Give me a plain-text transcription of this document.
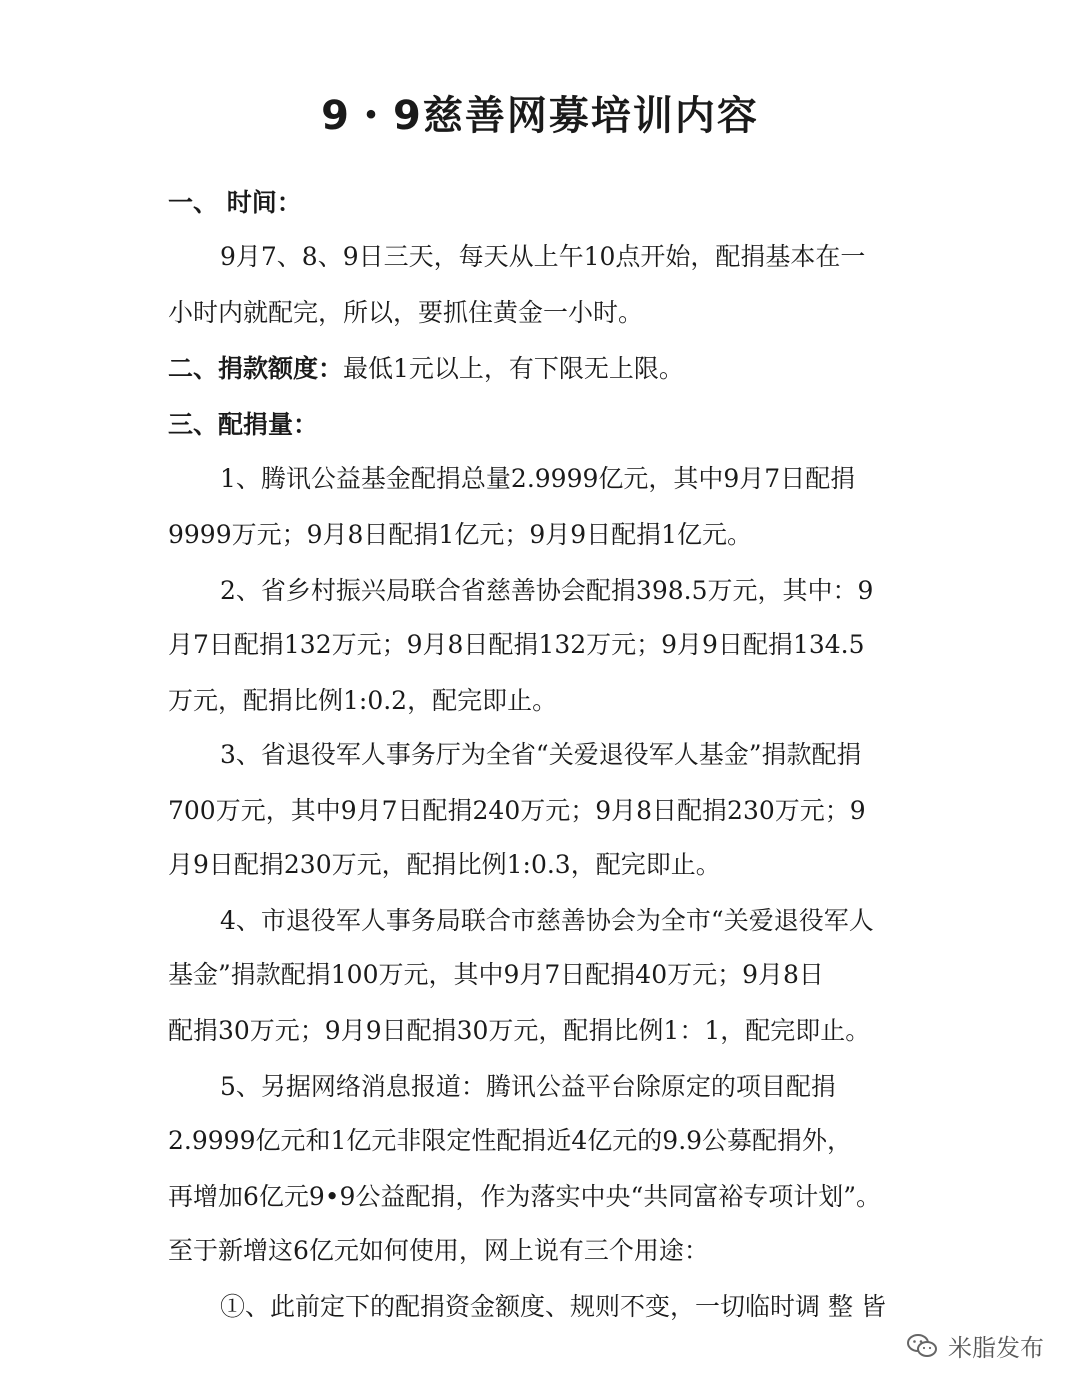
9・9慈善网募培训内容

一、 时间：

9月7、8、9日三天，每天从上午10点开始，配捐基本在一

小时内就配完，所以，要抓住黄金一小时。

二、捐款额度：最低1元以上，有下限无上限。

三、配捐量：

1、腾讯公益基金配捐总量2.9999亿元，其中9月7日配捐

9999万元；9月8日配捐1亿元；9月9日配捐1亿元。

2、省乡村振兴局联合省慈善协会配捐398.5万元，其中：9

月7日配捐132万元；9月8日配捐132万元；9月9日配捐134.5

万元，配捐比例1:0.2，配完即止。

3、省退役军人事务厅为全省“关爱退役军人基金”捐款配捐

700万元，其中9月7日配捐240万元；9月8日配捐230万元；9

月9日配捐230万元，配捐比例1:0.3，配完即止。

4、市退役军人事务局联合市慈善协会为全市“关爱退役军人

基金”捐款配捐100万元，其中9月7日配捐40万元；9月8日

配捐30万元；9月9日配捐30万元，配捐比例1：1，配完即止。

5、另据网络消息报道：腾讯公益平台除原定的项目配捐

2.9999亿元和1亿元非限定性配捐近4亿元的9.9公募配捐外，

再增加6亿元9•9公益配捐，作为落实中央“共同富裕专项计划”。

至于新增这6亿元如何使用，网上说有三个用途：

①、此前定下的配捐资金额度、规则不变，一切临时调 整 皆

米脂发布
